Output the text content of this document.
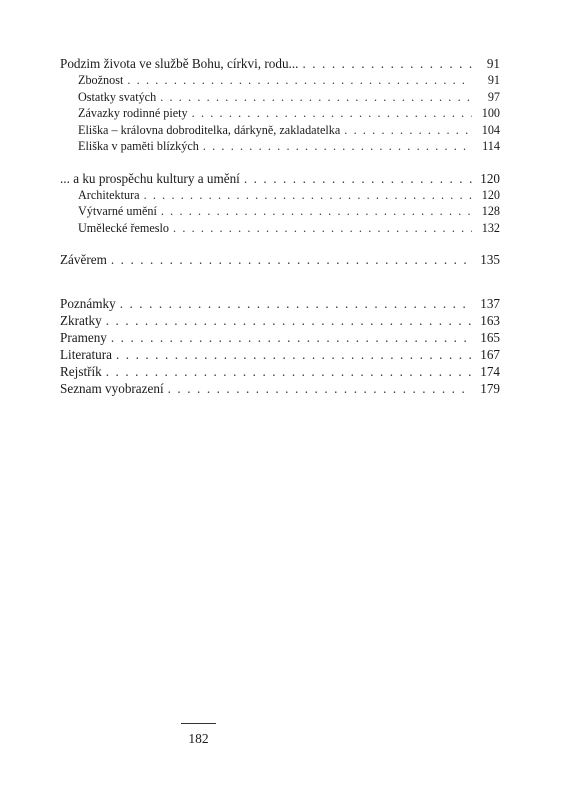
Podzim života ve službě Bohu, církvi, rodu... . . .	91
Zbožnost . . .	91
Ostatky svatých . . .	97
Závazky rodinné piety . . .	100
Eliška – královna dobroditelka, dárkyně, zakladatelka . . .	104
Eliška v paměti blízkých . . .	114
... a ku prospěchu kultury a umění . . .	120
Architektura . . .	120
Výtvarné umění . . .	128
Umělecké řemeslo . . .	132
Závěrem . . .	135
Poznámky . . .	137
Zkratky . . .	163
Prameny . . .	165
Literatura . . .	167
Rejstřík . . .	174
Seznam vyobrazení . . .	179
182
